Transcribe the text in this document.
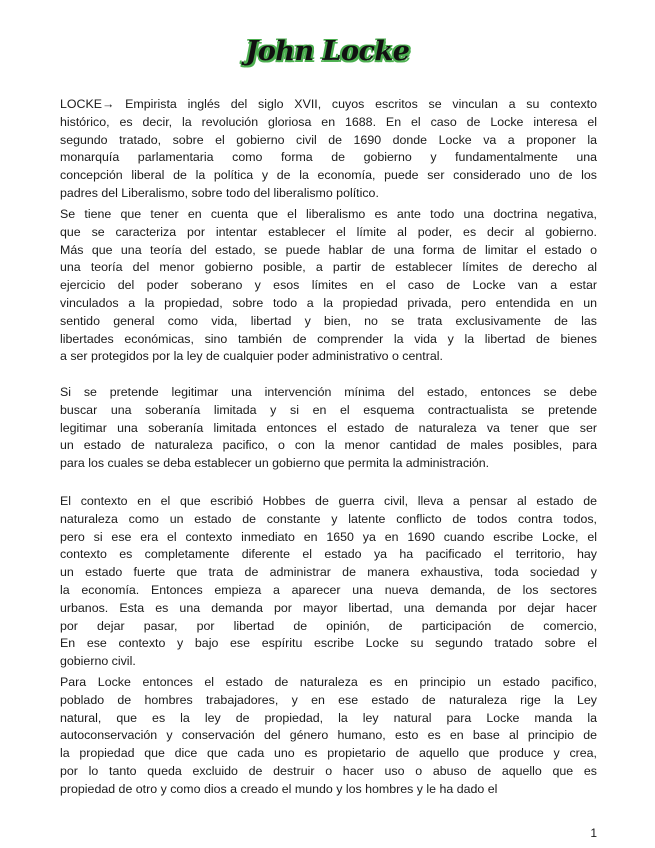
John Locke
LOCKE→ Empirista inglés del siglo XVII, cuyos escritos se vinculan a su contexto
histórico, es decir, la revolución gloriosa en 1688. En el caso de Locke interesa el
segundo tratado, sobre el gobierno civil de 1690 donde Locke va a proponer la
monarquía parlamentaria como forma de gobierno y fundamentalmente una
concepción liberal de la política y de la economía, puede ser considerado uno de los
padres del Liberalismo, sobre todo del liberalismo político.
Se tiene que tener en cuenta que el liberalismo es ante todo una doctrina negativa,
que se caracteriza por intentar establecer el límite al poder, es decir al gobierno.
Más que una teoría del estado, se puede hablar de una forma de limitar el estado o
una teoría del menor gobierno posible, a partir de establecer límites de derecho al
ejercicio del poder soberano y esos límites en el caso de Locke van a estar
vinculados a la propiedad, sobre todo a la propiedad privada, pero entendida en un
sentido general como vida, libertad y bien, no se trata exclusivamente de las
libertades económicas, sino también de comprender la vida y la libertad de bienes
a ser protegidos por la ley de cualquier poder administrativo o central.
Si se pretende legitimar una intervención mínima del estado, entonces se debe
buscar una soberanía limitada y si en el esquema contractualista se pretende
legitimar una soberanía limitada entonces el estado de naturaleza va tener que ser
un estado de naturaleza pacifico, o con la menor cantidad de males posibles, para
para los cuales se deba establecer un gobierno que permita la administración.
El contexto en el que escribió Hobbes de guerra civil, lleva a pensar al estado de
naturaleza como un estado de constante y latente conflicto de todos contra todos,
pero si ese era el contexto inmediato en 1650 ya en 1690 cuando escribe Locke, el
contexto es completamente diferente el estado ya ha pacificado el territorio, hay
un estado fuerte que trata de administrar de manera exhaustiva, toda sociedad y
la economía. Entonces empieza a aparecer una nueva demanda, de los sectores
urbanos. Esta es una demanda por mayor libertad, una demanda por dejar hacer
por dejar pasar, por libertad de opinión, de participación de comercio,
En ese contexto y bajo ese espíritu escribe Locke su segundo tratado sobre el
gobierno civil.
Para Locke entonces el estado de naturaleza es en principio un estado pacifico,
poblado de hombres trabajadores, y en ese estado de naturaleza rige la Ley
natural, que es la ley de propiedad, la ley natural para Locke manda la
autoconservación y conservación del género humano, esto es en base al principio de
la propiedad que dice que cada uno es propietario de aquello que produce y crea,
por lo tanto queda excluido de destruir o hacer uso o abuso de aquello que es
propiedad de otro y como dios a creado el mundo y los hombres y le ha dado el
1
